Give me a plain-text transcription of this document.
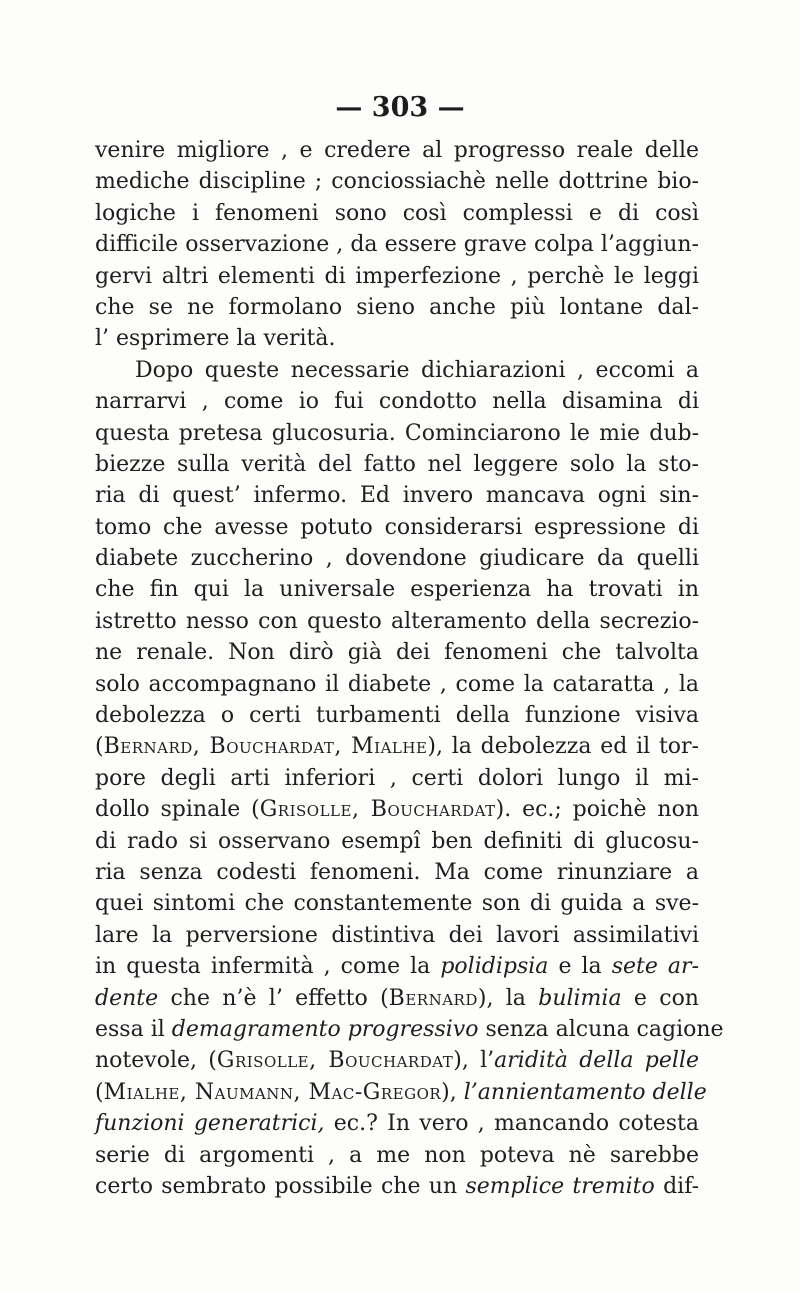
— 303 —
venire migliore , e credere al progresso reale delle
mediche discipline ; conciossiachè nelle dottrine bio-
logiche i fenomeni sono così complessi e di così
difficile osservazione , da essere grave colpa l’aggiun-
gervi altri elementi di imperfezione , perchè le leggi
che se ne formolano sieno anche più lontane dal-
l’ esprimere la verità.
Dopo queste necessarie dichiarazioni , eccomi a
narrarvi , come io fui condotto nella disamina di
questa pretesa glucosuria. Cominciarono le mie dub-
biezze sulla verità del fatto nel leggere solo la sto-
ria di quest’ infermo. Ed invero mancava ogni sin-
tomo che avesse potuto considerarsi espressione di
diabete zuccherino , dovendone giudicare da quelli
che fin qui la universale esperienza ha trovati in
istretto nesso con questo alteramento della secrezio-
ne renale. Non dirò già dei fenomeni che talvolta
solo accompagnano il diabete , come la cataratta , la
debolezza o certi turbamenti della funzione visiva
(Bernard, Bouchardat, Mialhe), la debolezza ed il tor-
pore degli arti inferiori , certi dolori lungo il mi-
dollo spinale (Grisolle, Bouchardat). ec.; poichè non
di rado si osservano esempî ben definiti di glucosu-
ria senza codesti fenomeni. Ma come rinunziare a
quei sintomi che constantemente son di guida a sve-
lare la perversione distintiva dei lavori assimilativi
in questa infermità , come la polidipsia e la sete ar-
dente che n’è l’ effetto (Bernard), la bulimia e con
essa il demagramento progressivo senza alcuna cagione
notevole, (Grisolle, Bouchardat), l’aridità della pelle
(Mialhe, Naumann, Mac-Gregor), l’annientamento delle
funzioni generatrici, ec.? In vero , mancando cotesta
serie di argomenti , a me non poteva nè sarebbe
certo sembrato possibile che un semplice tremito dif-
